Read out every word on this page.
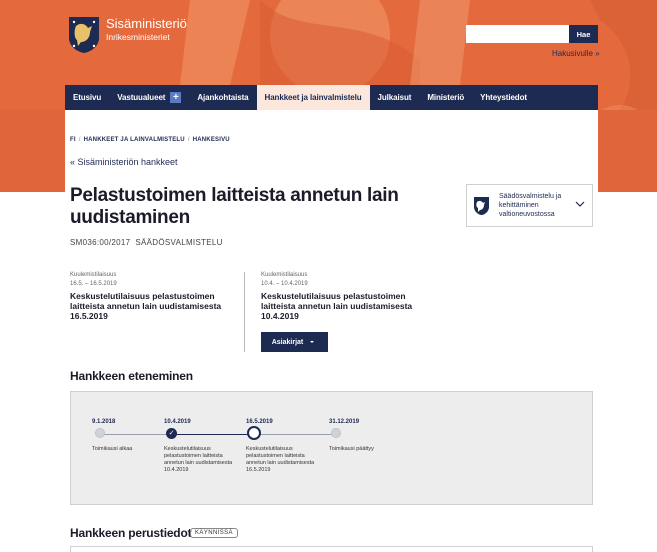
Sisäministeriö
Inrikesministeriet	Hae
Hakusivulle »
Etusivu Vastuualueet +	Ajankohtaista Hankkeet ja lainvalmistelu Julkaisut Ministeriö Yhteystiedot
FI / HANKKEET JA LAINVALMISTELU / HANKESIVU
« Sisäministeriön hankkeet
Pelastustoimen laitteista annetun lain uudistaminen
SM036:00/2017 SÄÄDÖSVALMISTELU
Säädösvalmistelu ja kehittäminen valtioneuvostossa
Kuulemistilaisuus
16.5. – 16.5.2019
Keskustelutilaisuus pelastustoimen laitteista annetun lain uudistamisesta 16.5.2019
Kuulemistilaisuus
10.4. – 10.4.2019
Keskustelutilaisuus pelastustoimen laitteista annetun lain uudistamisesta 10.4.2019
Asiakirjat
Hankkeen eteneminen
9.1.2018
Toimikausi alkaa
10.4.2019
✓
Keskustelutilaisuus pelastustoimen laitteista annetun lain uudistamisesta 10.4.2019
16.5.2019
Keskustelutilaisuus pelastustoimen laitteista annetun lain uudistamisesta 16.5.2019
31.12.2019
Toimikausi päättyy
Hankkeen perustiedot KÄYNNISSÄ
